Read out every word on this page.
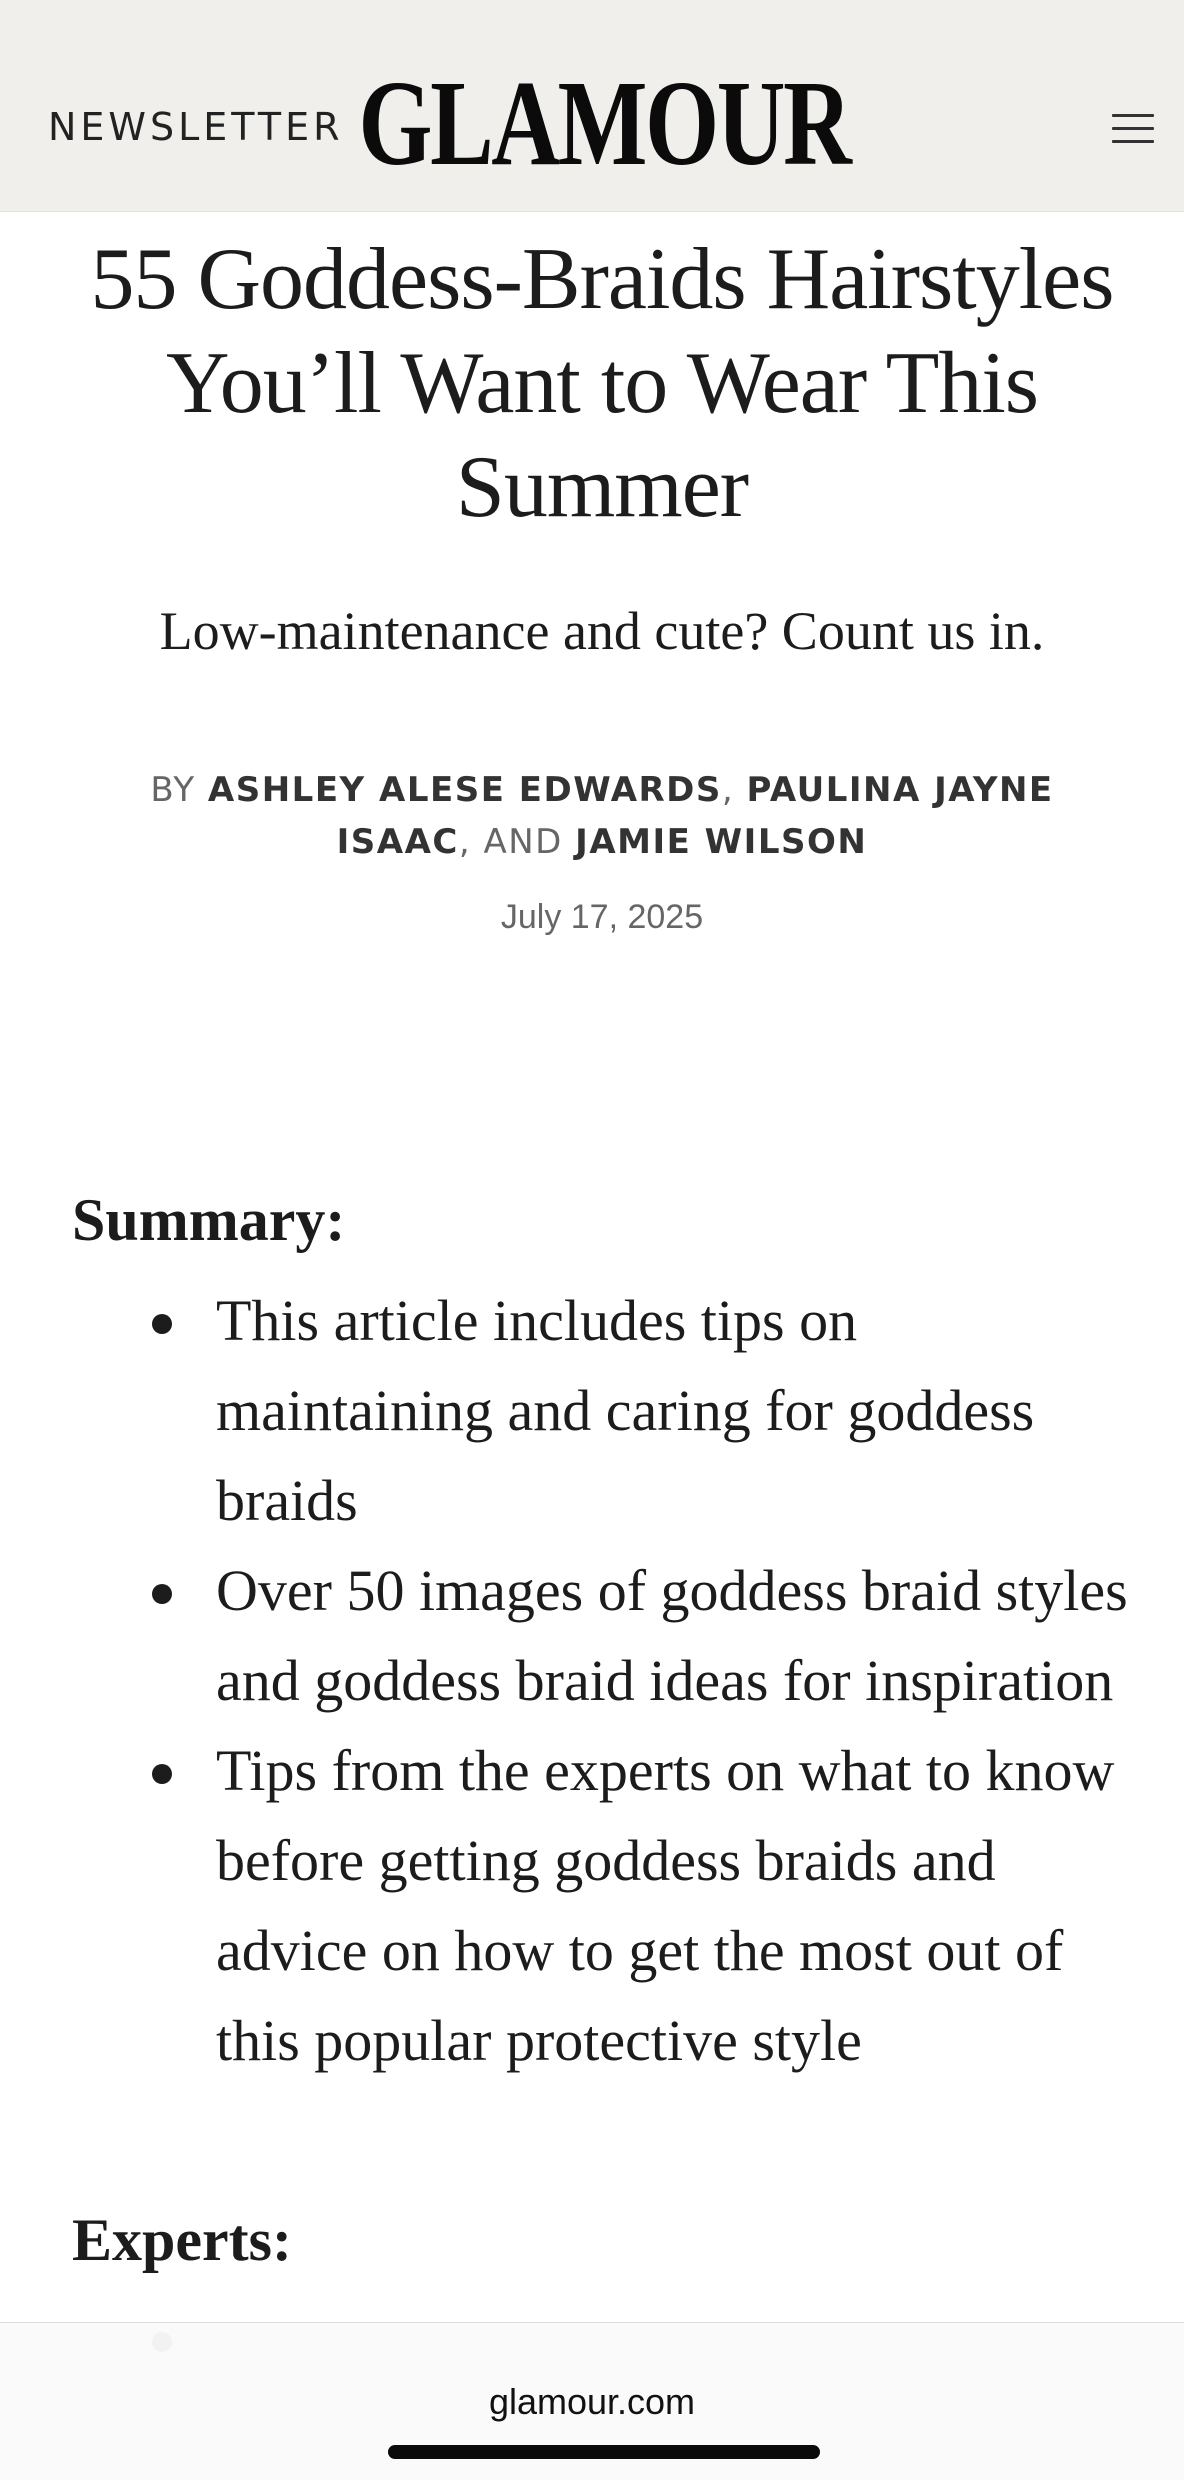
NEWSLETTER GLAMOUR
55 Goddess-Braids Hairstyles You’ll Want to Wear This Summer
Low-maintenance and cute? Count us in.
BY ASHLEY ALESE EDWARDS, PAULINA JAYNE ISAAC, AND JAMIE WILSON
July 17, 2025
Summary:
This article includes tips on maintaining and caring for goddess braids
Over 50 images of goddess braid styles and goddess braid ideas for inspiration
Tips from the experts on what to know before getting goddess braids and advice on how to get the most out of this popular protective style
Experts:
glamour.com
